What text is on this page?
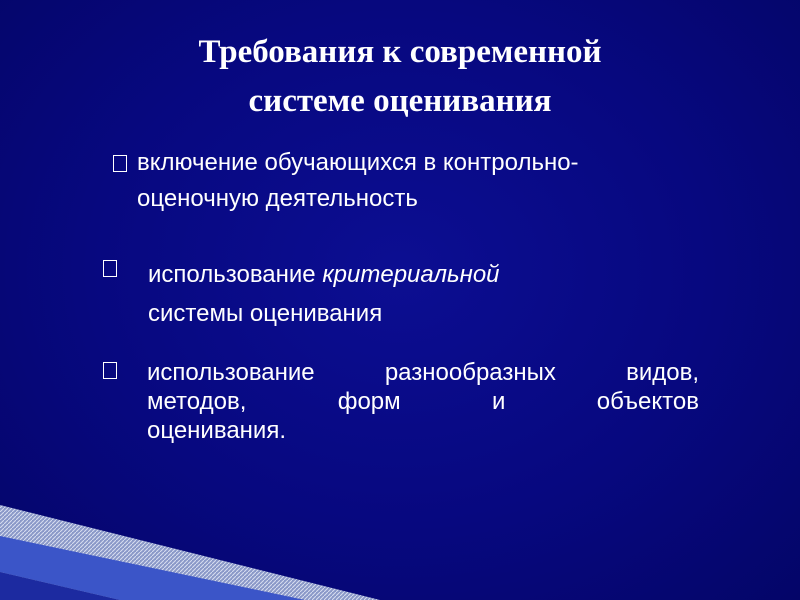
Требования к современной
системе оценивания
включение обучающихся в контрольно-
оценочную деятельность
использование критериальной
системы оценивания
использование разнообразных видов,
методов, форм и объектов
оценивания.
